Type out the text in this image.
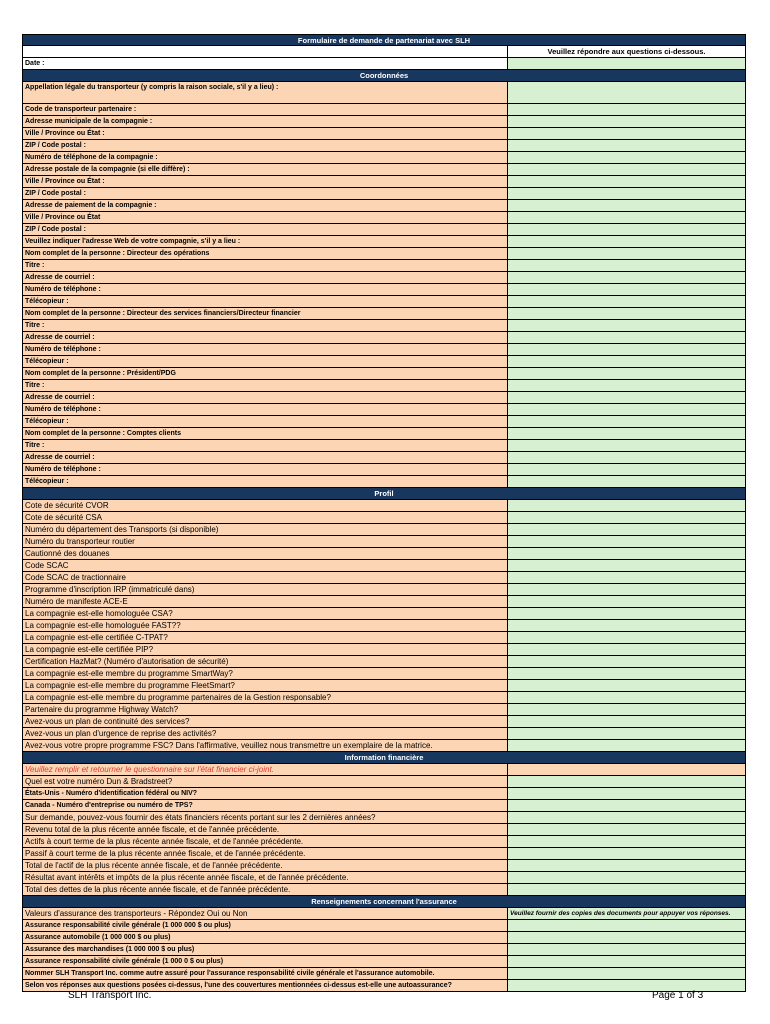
Formulaire de demande de partenariat avec SLH
Veuillez répondre aux questions ci-dessous.
Date :
Coordonnées
Appellation légale du transporteur (y compris la raison sociale, s'il y a lieu) :
Code de transporteur partenaire :
Adresse municipale de la compagnie :
Ville / Province ou État :
ZIP / Code postal :
Numéro de téléphone de la compagnie :
Adresse postale de la compagnie (si elle diffère) :
Ville / Province ou État :
ZIP / Code postal :
Adresse de paiement de la compagnie :
Ville / Province ou État
ZIP / Code postal :
Veuillez indiquer l'adresse Web de votre compagnie, s'il y a lieu :
Nom complet de la personne : Directeur des opérations
Titre :
Adresse de courriel :
Numéro de téléphone :
Télécopieur :
Nom complet de la personne : Directeur des services financiers/Directeur financier
Titre :
Adresse de courriel :
Numéro de téléphone :
Télécopieur :
Nom complet de la personne : Président/PDG
Titre :
Adresse de courriel :
Numéro de téléphone :
Télécopieur :
Nom complet de la personne : Comptes clients
Titre :
Adresse de courriel :
Numéro de téléphone :
Télécopieur :
Profil
Cote de sécurité CVOR
Cote de sécurité CSA
Numéro du département des Transports (si disponible)
Numéro du transporteur routier
Cautionné des douanes
Code SCAC
Code SCAC de tractionnaire
Programme d'inscription IRP (immatriculé dans)
Numéro de manifeste ACE-E
La compagnie est-elle homologuée CSA?
La compagnie est-elle homologuée FAST??
La compagnie est-elle certifiée C-TPAT?
La compagnie est-elle certifiée PIP?
Certification HazMat? (Numéro d'autorisation de sécurité)
La compagnie est-elle membre du programme SmartWay?
La compagnie est-elle membre du programme FleetSmart?
La compagnie est-elle membre du programme partenaires de la Gestion responsable?
Partenaire du programme Highway Watch?
Avez-vous un plan de continuité des services?
Avez-vous un plan d'urgence de reprise des activités?
Avez-vous votre propre programme FSC? Dans l'affirmative, veuillez nous transmettre un exemplaire de la matrice.
Information financière
Veuillez remplir et retourner le questionnaire sur l'état financier ci-joint.
Quel est votre numéro Dun & Bradstreet?
États-Unis - Numéro d'identification fédéral ou NIV?
Canada - Numéro d'entreprise ou numéro de TPS?
Sur demande, pouvez-vous fournir des états financiers récents portant sur les 2 dernières années?
Revenu total de la plus récente année fiscale, et de l'année précédente.
Actifs à court terme de la plus récente année fiscale, et de l'année précédente.
Passif à court terme de la plus récente année fiscale, et de l'année précédente.
Total de l'actif de la plus récente année fiscale, et de l'année précédente.
Résultat avant intérêts et impôts de la plus récente année fiscale, et de l'année précédente.
Total des dettes de la plus récente année fiscale, et de l'année précédente.
Renseignements concernant l'assurance
Valeurs d'assurance des transporteurs - Répondez Oui ou Non	Veuillez fournir des copies des documents pour appuyer vos réponses.
Assurance responsabilité civile générale (1 000 000 $ ou plus)
Assurance automobile (1 000 000 $ ou plus)
Assurance des marchandises (1 000 000 $ ou plus)
Assurance responsabilité civile générale (1 000 0 $ ou plus)
Nommer SLH Transport Inc. comme autre assuré pour l'assurance responsabilité civile générale et l'assurance automobile.
Selon vos réponses aux questions posées ci-dessus, l'une des couvertures mentionnées ci-dessus est-elle une autoassurance?
SLH Transport Inc.	Page 1 of 3
